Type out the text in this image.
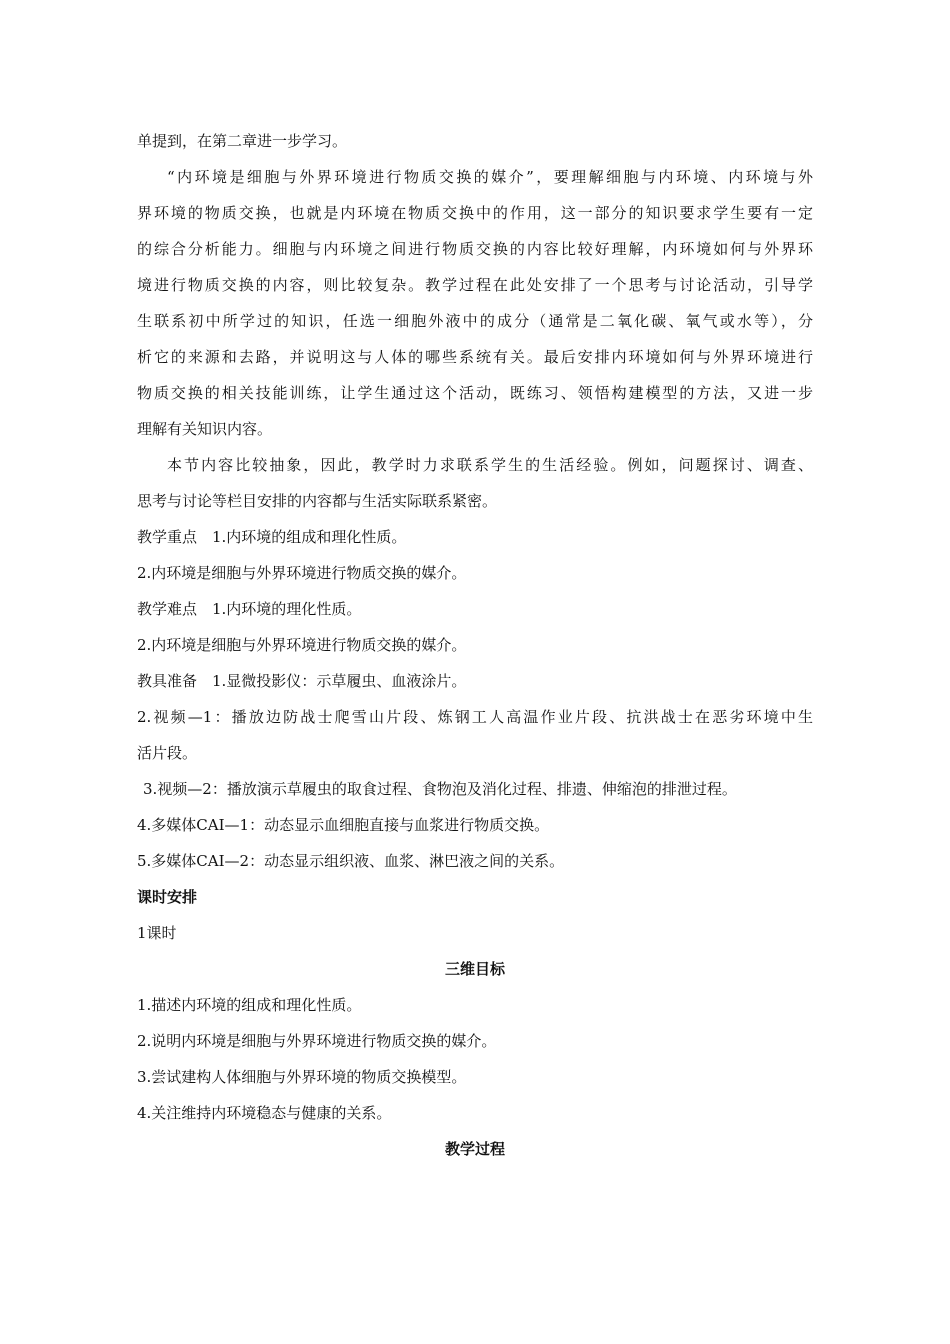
单提到，在第二章进一步学习。
“内环境是细胞与外界环境进行物质交换的媒介”，要理解细胞与内环境、内环境与外
界环境的物质交换，也就是内环境在物质交换中的作用，这一部分的知识要求学生要有一定
的综合分析能力。细胞与内环境之间进行物质交换的内容比较好理解，内环境如何与外界环
境进行物质交换的内容，则比较复杂。教学过程在此处安排了一个思考与讨论活动，引导学
生联系初中所学过的知识，任选一细胞外液中的成分（通常是二氧化碳、氧气或水等），分
析它的来源和去路，并说明这与人体的哪些系统有关。最后安排内环境如何与外界环境进行
物质交换的相关技能训练，让学生通过这个活动，既练习、领悟构建模型的方法，又进一步
理解有关知识内容。
本节内容比较抽象，因此，教学时力求联系学生的生活经验。例如，问题探讨、调查、
思考与讨论等栏目安排的内容都与生活实际联系紧密。
教学重点　1.内环境的组成和理化性质。
2.内环境是细胞与外界环境进行物质交换的媒介。
教学难点　1.内环境的理化性质。
2.内环境是细胞与外界环境进行物质交换的媒介。
教具准备　1.显微投影仪：示草履虫、血液涂片。
2.视频—1：播放边防战士爬雪山片段、炼钢工人高温作业片段、抗洪战士在恶劣环境中生
活片段。
3.视频—2：播放演示草履虫的取食过程、食物泡及消化过程、排遗、伸缩泡的排泄过程。
4.多媒体CAI—1：动态显示血细胞直接与血浆进行物质交换。
5.多媒体CAI—2：动态显示组织液、血浆、淋巴液之间的关系。
课时安排
1课时
三维目标
1.描述内环境的组成和理化性质。
2.说明内环境是细胞与外界环境进行物质交换的媒介。
3.尝试建构人体细胞与外界环境的物质交换模型。
4.关注维持内环境稳态与健康的关系。
教学过程
